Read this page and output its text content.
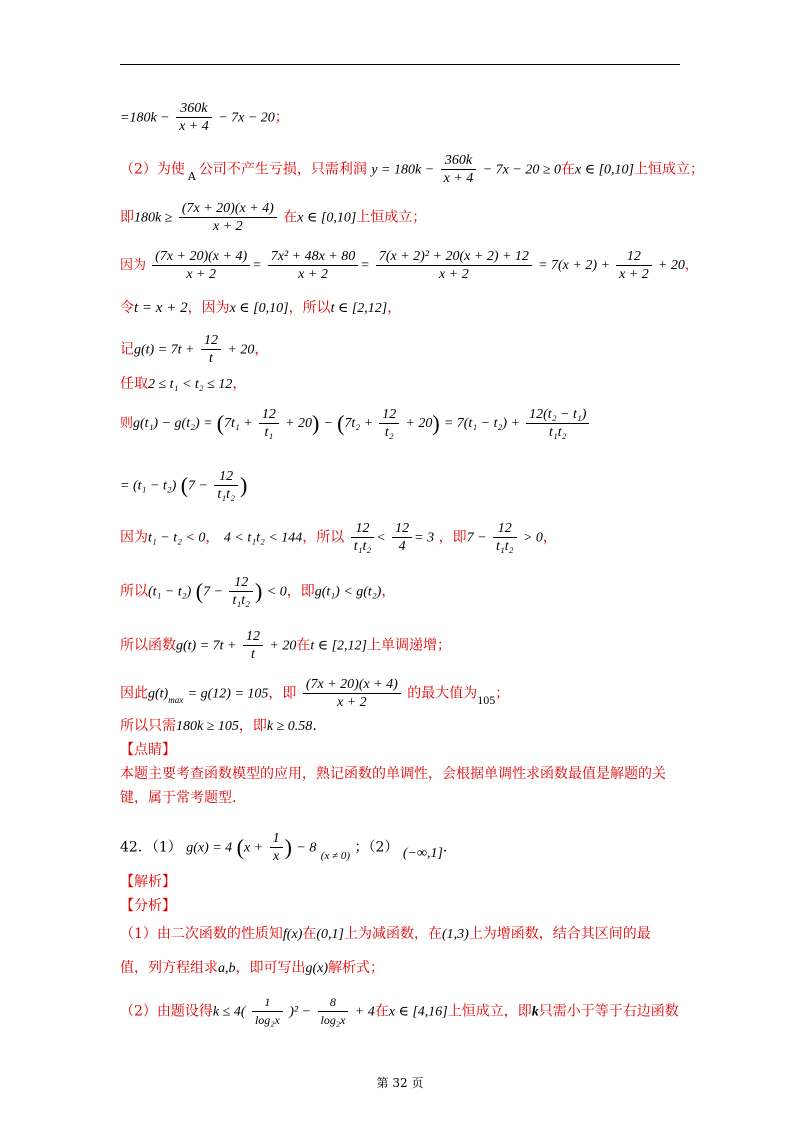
$=180k - \frac{360k}{x + 4} - 7x - 20$；
（2）为使 $_A$ 公司不产生亏损，只需利润 $y = 180k - \frac{360k}{x + 4} - 7x - 20 \ge 0$在x ∈ [0,10]上恒成立；
即$180k \ge \frac{(7x + 20)(x + 4)}{x + 2}$ 在x ∈ [0,10]上恒成立；
因为 $\frac{(7x + 20)(x + 4)}{x + 2} = \frac{\text{7x² + 48x + 80}}{x + 2} = \frac{\text{7(x + 2)² + 20(x + 2) + 12}}{x + 2} = 7(x + 2) + \frac{12}{x + 2} + 20$，
令t = x + 2，因为x ∈ [0,10]，所以t ∈ [2,12]，
记$g(t) = 7t + \frac{12}{t} + 20$，
任取2 ≤ t₁ < t₂ ≤ 12，
则$g(t_1) - g(t_2) = (7t_1 + \frac{12}{\text{t₁}} + 20) - (7t_2 + \frac{12}{\text{t₂}} + 20) = 7(t_1 - t_2) + \frac{\text{12(t₂ − t₁)}}{\text{t₁t₂}}$
= (t₁ − t₂) ($7 - \frac{12}{\text{t₁t₂}}$ )
因为t₁ − t₂ < 0， 4 < t₁t₂ < 144，所以 $\frac{12}{\text{t₁t₂}} < \frac{12}{4} = 3$ ，即$7 - \frac{12}{\text{t₁t₂}} > 0$，
所以(t₁ − t₂) ($7 - \frac{12}{\text{t₁t₂}}$ ) < 0，即g(t₁) < g(t₂)，
所以函数$g(t) = 7t + \frac{12}{t} + 20$在t ∈ [2,12]上单调递增；
因此$g(t)_{max} = g(12) = 105$，即 $\frac{(7x + 20)(x + 4)}{x + 2}$ 的最大值为105；
所以只需180k ≥ 105，即k ≥ 0.58.
【点睛】
本题主要考查函数模型的应用，熟记函数的单调性，会根据单调性求函数最值是解题的关
键，属于常考题型.
42．（1） g(x) = 4 ($x + \frac{1}{x}$ ) − 8 $_{(x \ne 0)}$ ；（2） (−∞,1].
【解析】
【分析】
（1）由二次函数的性质知f(x)在(0,1]上为减函数，在(1,3)上为增函数，结合其区间的最
值，列方程组求a,b，即可写出g(x)解析式；
（2）由题设得$k \le 4( \frac{1}{\text{log₂x}} )^2 - \frac{8}{\text{log₂x}} + 4$在x ∈ [4,16]上恒成立，即k只需小于等于右边函数
第 32 页
